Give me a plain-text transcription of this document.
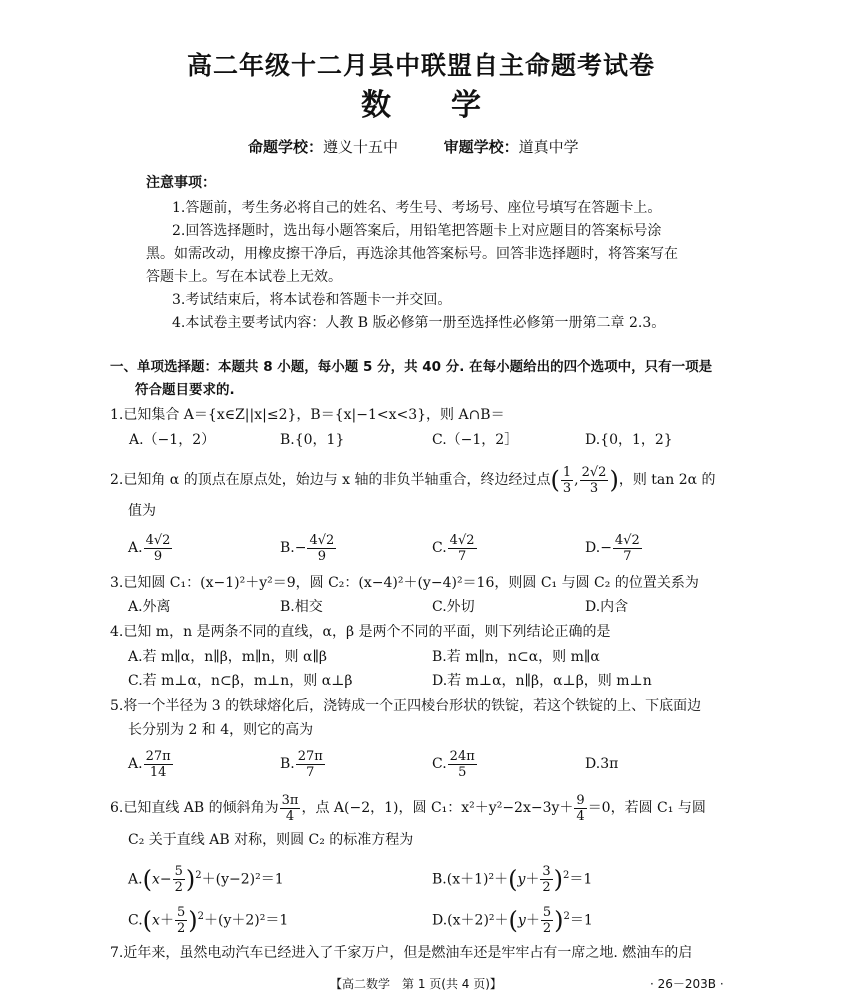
高二年级十二月县中联盟自主命题考试卷
数　　学
命题学校：遵义十五中	审题学校：道真中学
注意事项：
1.答题前，考生务必将自己的姓名、考生号、考场号、座位号填写在答题卡上。
2.回答选择题时，选出每小题答案后，用铅笔把答题卡上对应题目的答案标号涂
黑。如需改动，用橡皮擦干净后，再选涂其他答案标号。回答非选择题时，将答案写在
答题卡上。写在本试卷上无效。
3.考试结束后，将本试卷和答题卡一并交回。
4.本试卷主要考试内容：人教 B 版必修第一册至选择性必修第一册第二章 2.3。
一、单项选择题：本题共 8 小题，每小题 5 分，共 40 分. 在每小题给出的四个选项中，只有一项是
符合题目要求的.
1.已知集合 A＝{x∈Z||x|≤2}，B＝{x|−1<x<3}，则 A∩B＝
A.（−1，2）	B.{0，1}	C.（−1，2］	D.{0，1，2}
2.已知角 α 的顶点在原点处，始边与 x 轴的非负半轴重合，终边经过点( $\frac{1}{3}$ , $\frac{2√2}{3}$ )，则 tan 2α 的
值为
A. $\frac{4√2}{9}$	$B.- \frac{4√2}{9}$	C. $\frac{4√2}{7}$	$D.- \frac{4√2}{7}$
3.已知圆 C₁：(x−1)²＋y²＝9，圆 C₂：(x−4)²＋(y−4)²＝16，则圆 C₁ 与圆 C₂ 的位置关系为
A.外离	B.相交	C.外切	D.内含
4.已知 m，n 是两条不同的直线，α，β 是两个不同的平面，则下列结论正确的是
A.若 m∥α，n∥β，m∥n，则 α∥β	B.若 m∥n，n⊂α，则 m∥α
C.若 m⊥α，n⊂β，m⊥n，则 α⊥β	D.若 m⊥α，n∥β，α⊥β，则 m⊥n
5.将一个半径为 3 的铁球熔化后，浇铸成一个正四棱台形状的铁锭，若这个铁锭的上、下底面边
长分别为 2 和 4，则它的高为
A. $\frac{27\pi}{14}$	B. $\frac{27\pi}{7}$	C. $\frac{24\pi}{5}$	D.3π
6.已知直线 AB 的倾斜角为 $\frac{3\pi}{4}$ ，点 A(−2，1)，圆 C₁：$x^2+y^2-2x-3y+ \frac{9}{4} =0$，若圆 C₁ 与圆
C₂ 关于直线 AB 对称，则圆 C₂ 的标准方程为
$A.(x- \frac{5}{2} )^2+(y-2)^2=1$	$B.(x+1)^2+(y+ \frac{3}{2} )^2=1$
$C.(x+ \frac{5}{2} )^2+(y+2)^2=1$	$D.(x+2)^2+(y+ \frac{5}{2} )^2=1$
7.近年来，虽然电动汽车已经进入了千家万户，但是燃油车还是牢牢占有一席之地. 燃油车的启
【高二数学　第 1 页(共 4 页)】	· 26－203B ·
